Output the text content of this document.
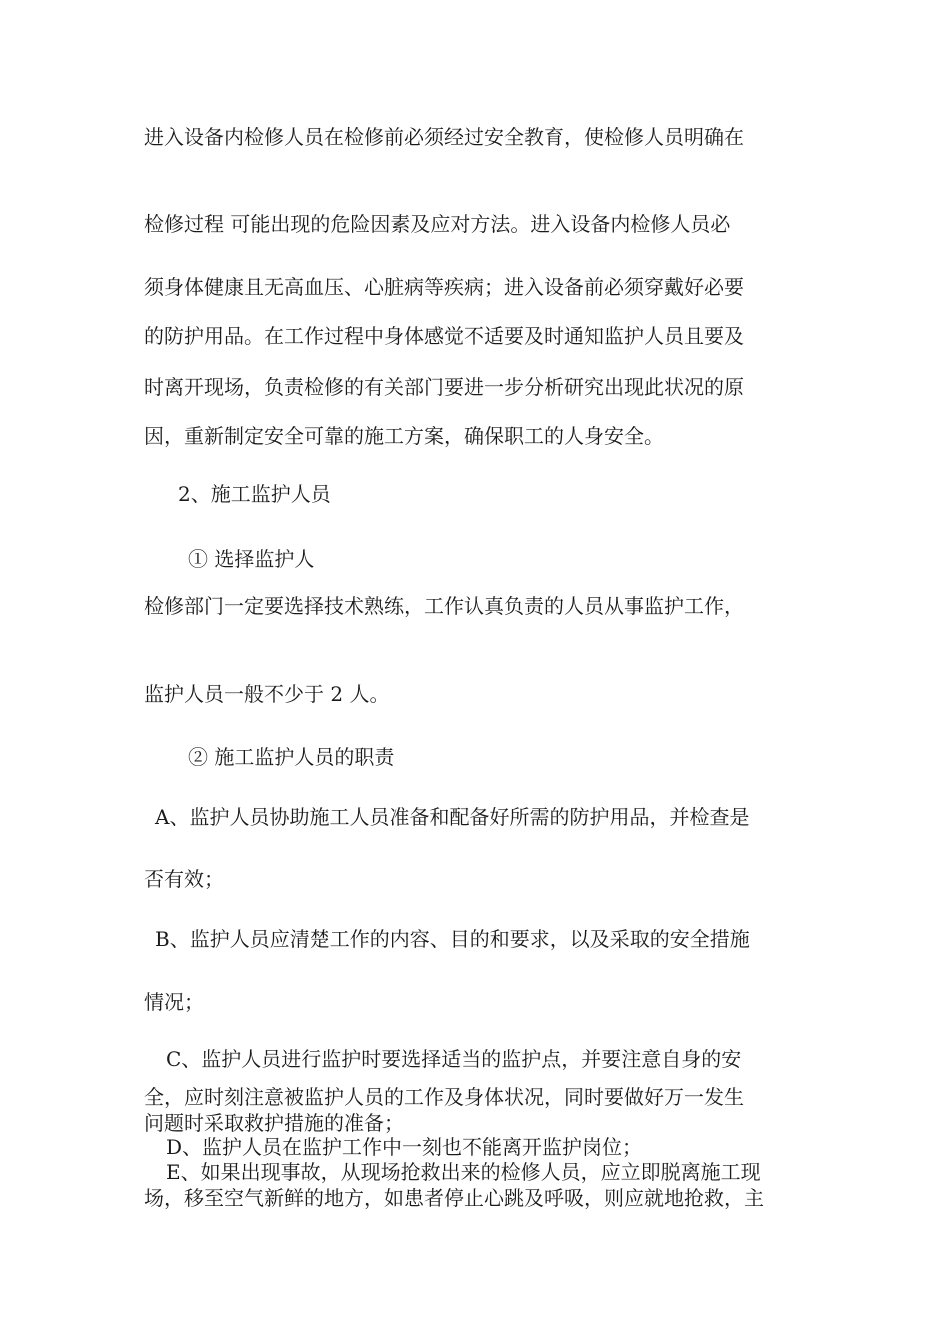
进入设备内检修人员在检修前必须经过安全教育，使检修人员明确在
检修过程 可能出现的危险因素及应对方法。进入设备内检修人员必
须身体健康且无高血压、心脏病等疾病；进入设备前必须穿戴好必要
的防护用品。在工作过程中身体感觉不适要及时通知监护人员且要及
时离开现场，负责检修的有关部门要进一步分析研究出现此状况的原
因，重新制定安全可靠的施工方案，确保职工的人身安全。
2、施工监护人员
① 选择监护人
检修部门一定要选择技术熟练，工作认真负责的人员从事监护工作，
监护人员一般不少于 2 人。
② 施工监护人员的职责
A、监护人员协助施工人员准备和配备好所需的防护用品，并检查是
否有效；
B、监护人员应清楚工作的内容、目的和要求，以及采取的安全措施
情况；
C、监护人员进行监护时要选择适当的监护点，并要注意自身的安
全，应时刻注意被监护人员的工作及身体状况，同时要做好万一发生
问题时采取救护措施的准备；
D、监护人员在监护工作中一刻也不能离开监护岗位；
E、如果出现事故，从现场抢救出来的检修人员，应立即脱离施工现
场，移至空气新鲜的地方，如患者停止心跳及呼吸，则应就地抢救，主
